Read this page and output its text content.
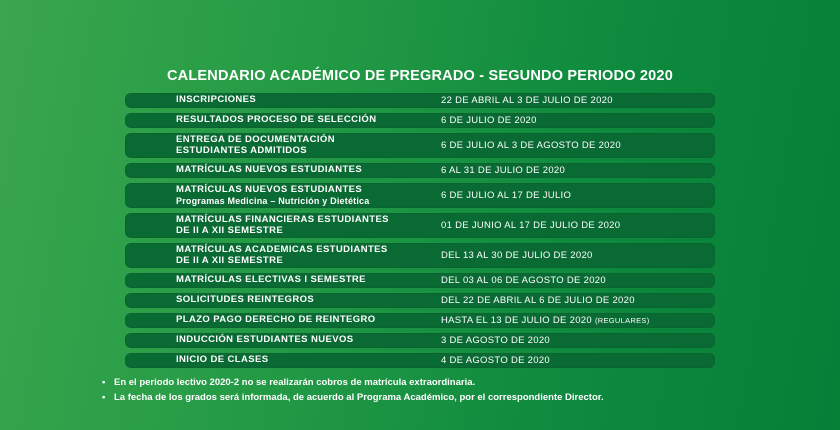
CALENDARIO ACADÉMICO DE PREGRADO - SEGUNDO PERIODO 2020
INSCRIPCIONES	22 DE ABRIL AL 3 DE JULIO DE 2020
RESULTADOS PROCESO DE SELECCIÓN	6 DE JULIO DE 2020
ENTREGA DE DOCUMENTACIÓN
ESTUDIANTES ADMITIDOS	6 DE JULIO AL 3 DE AGOSTO DE 2020
MATRÍCULAS NUEVOS ESTUDIANTES	6 AL 31 DE JULIO DE 2020
MATRÍCULAS NUEVOS ESTUDIANTES
Programas Medicina – Nutrición y Dietética	6 DE JULIO AL 17 DE JULIO
MATRÍCULAS FINANCIERAS ESTUDIANTES
DE II A XII SEMESTRE	01 DE JUNIO AL 17 DE JULIO DE 2020
MATRÍCULAS ACADEMICAS ESTUDIANTES
DE II A XII SEMESTRE	DEL 13 AL 30 DE JULIO DE 2020
MATRÍCULAS ELECTIVAS I SEMESTRE	DEL 03 AL 06 DE AGOSTO DE 2020
SOLICITUDES REINTEGROS	DEL 22 DE ABRIL AL 6 DE JULIO DE 2020
PLAZO PAGO DERECHO DE REINTEGRO	HASTA EL 13 DE JULIO DE 2020 (REGULARES)
INDUCCIÓN ESTUDIANTES NUEVOS	3 DE AGOSTO DE 2020
INICIO DE CLASES	4 DE AGOSTO DE 2020
• En el periodo lectivo 2020-2 no se realizarán cobros de matrícula extraordinaria.
• La fecha de los grados será informada, de acuerdo al Programa Académico, por el correspondiente Director.
